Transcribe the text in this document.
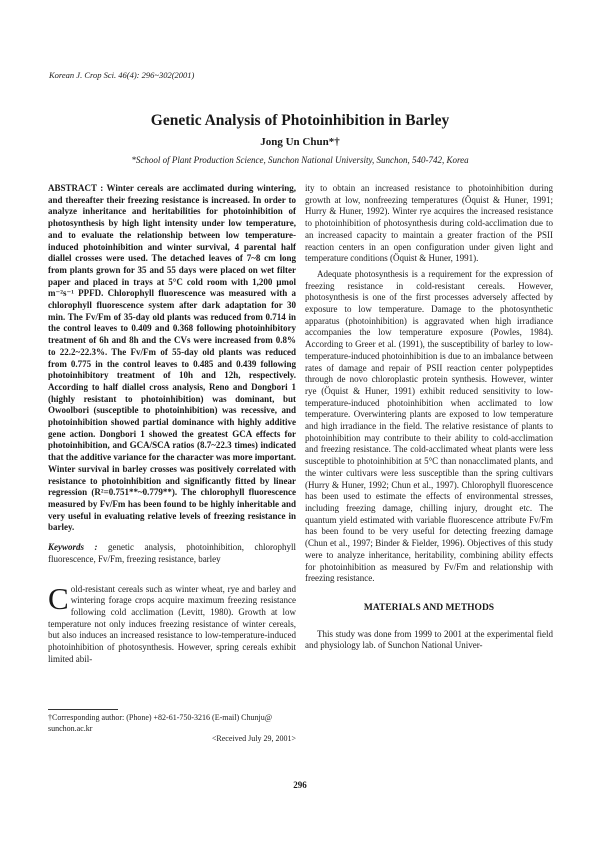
Korean J. Crop Sci. 46(4): 296~302(2001)
Genetic Analysis of Photoinhibition in Barley
Jong Un Chun*†
*School of Plant Production Science, Sunchon National University, Sunchon, 540-742, Korea

ABSTRACT : Winter cereals are acclimated during wintering, and thereafter their freezing resistance is increased. In order to analyze inheritance and heritabilities for photoinhibition of photosynthesis by high light intensity under low temperature, and to evaluate the relationship between low temperature-induced photoinhibition and winter survival, 4 parental half diallel crosses were used. The detached leaves of 7~8 cm long from plants grown for 35 and 55 days were placed on wet filter paper and placed in trays at 5°C cold room with 1,200 μmol m⁻²s⁻¹ PPFD. Chlorophyll fluorescence was measured with a chlorophyll fluorescence system after dark adaptation for 30 min. The Fv/Fm of 35-day old plants was reduced from 0.714 in the control leaves to 0.409 and 0.368 following photoinhibitory treatment of 6h and 8h and the CVs were increased from 0.8% to 22.2~22.3%. The Fv/Fm of 55-day old plants was reduced from 0.775 in the control leaves to 0.485 and 0.439 following photoinhibitory treatment of 10h and 12h, respectively. According to half diallel cross analysis, Reno and Dongbori 1 (highly resistant to photoinhibition) was dominant, but Owoolbori (susceptible to photoinhibition) was recessive, and photoinhibition showed partial dominance with highly additive gene action. Dongbori 1 showed the greatest GCA effects for photoinhibition, and GCA/SCA ratios (8.7~22.3 times) indicated that the additive variance for the character was more important. Winter survival in barley crosses was positively correlated with resistance to photoinhibition and significantly fitted by linear regression (R²=0.751**~0.779**). The chlorophyll fluorescence measured by Fv/Fm has been found to be highly inheritable and very useful in evaluating relative levels of freezing resistance in barley.

Keywords : genetic analysis, photoinhibition, chlorophyll fluorescence, Fv/Fm, freezing resistance, barley

Cold-resistant cereals such as winter wheat, rye and barley and wintering forage crops acquire maximum freezing resistance following cold acclimation (Levitt, 1980). Growth at low temperature not only induces freezing resistance of winter cereals, but also induces an increased resistance to low-temperature-induced photoinhibition of photosynthesis. However, spring cereals exhibit limited abil-

ity to obtain an increased resistance to photoinhibition during growth at low, nonfreezing temperatures (Öquist & Huner, 1991; Hurry & Huner, 1992). Winter rye acquires the increased resistance to photoinhibition of photosynthesis during cold-acclimation due to an increased capacity to maintain a greater fraction of the PSII reaction centers in an open configuration under given light and temperature conditions (Öquist & Huner, 1991).

Adequate photosynthesis is a requirement for the expression of freezing resistance in cold-resistant cereals. However, photosynthesis is one of the first processes adversely affected by exposure to low temperature. Damage to the photosynthetic apparatus (photoinhibition) is aggravated when high irradiance accompanies the low temperature exposure (Powles, 1984). According to Greer et al. (1991), the susceptibility of barley to low-temperature-induced photoinhibition is due to an imbalance between rates of damage and repair of PSII reaction center polypeptides through de novo chloroplastic protein synthesis. However, winter rye (Öquist & Huner, 1991) exhibit reduced sensitivity to low-temperature-induced photoinhibition when acclimated to low temperature. Overwintering plants are exposed to low temperature and high irradiance in the field. The relative resistance of plants to photoinhibition may contribute to their ability to cold-acclimation and freezing resistance. The cold-acclimated wheat plants were less susceptible to photoinhibition at 5°C than nonacclimated plants, and the winter cultivars were less susceptible than the spring cultivars (Hurry & Huner, 1992; Chun et al., 1997). Chlorophyll fluorescence has been used to estimate the effects of environmental stresses, including freezing damage, chilling injury, drought etc. The quantum yield estimated with variable fluorescence attribute Fv/Fm has been found to be very useful for detecting freezing damage (Chun et al., 1997; Binder & Fielder, 1996). Objectives of this study were to analyze inheritance, heritability, combining ability effects for photoinhibition as measured by Fv/Fm and relationship with freezing resistance.

MATERIALS AND METHODS

This study was done from 1999 to 2001 at the experimental field and physiology lab. of Sunchon National Univer-

†Corresponding author: (Phone) +82-61-750-3216 (E-mail) Chunju@ sunchon.ac.kr

<Received July 29, 2001>
296
